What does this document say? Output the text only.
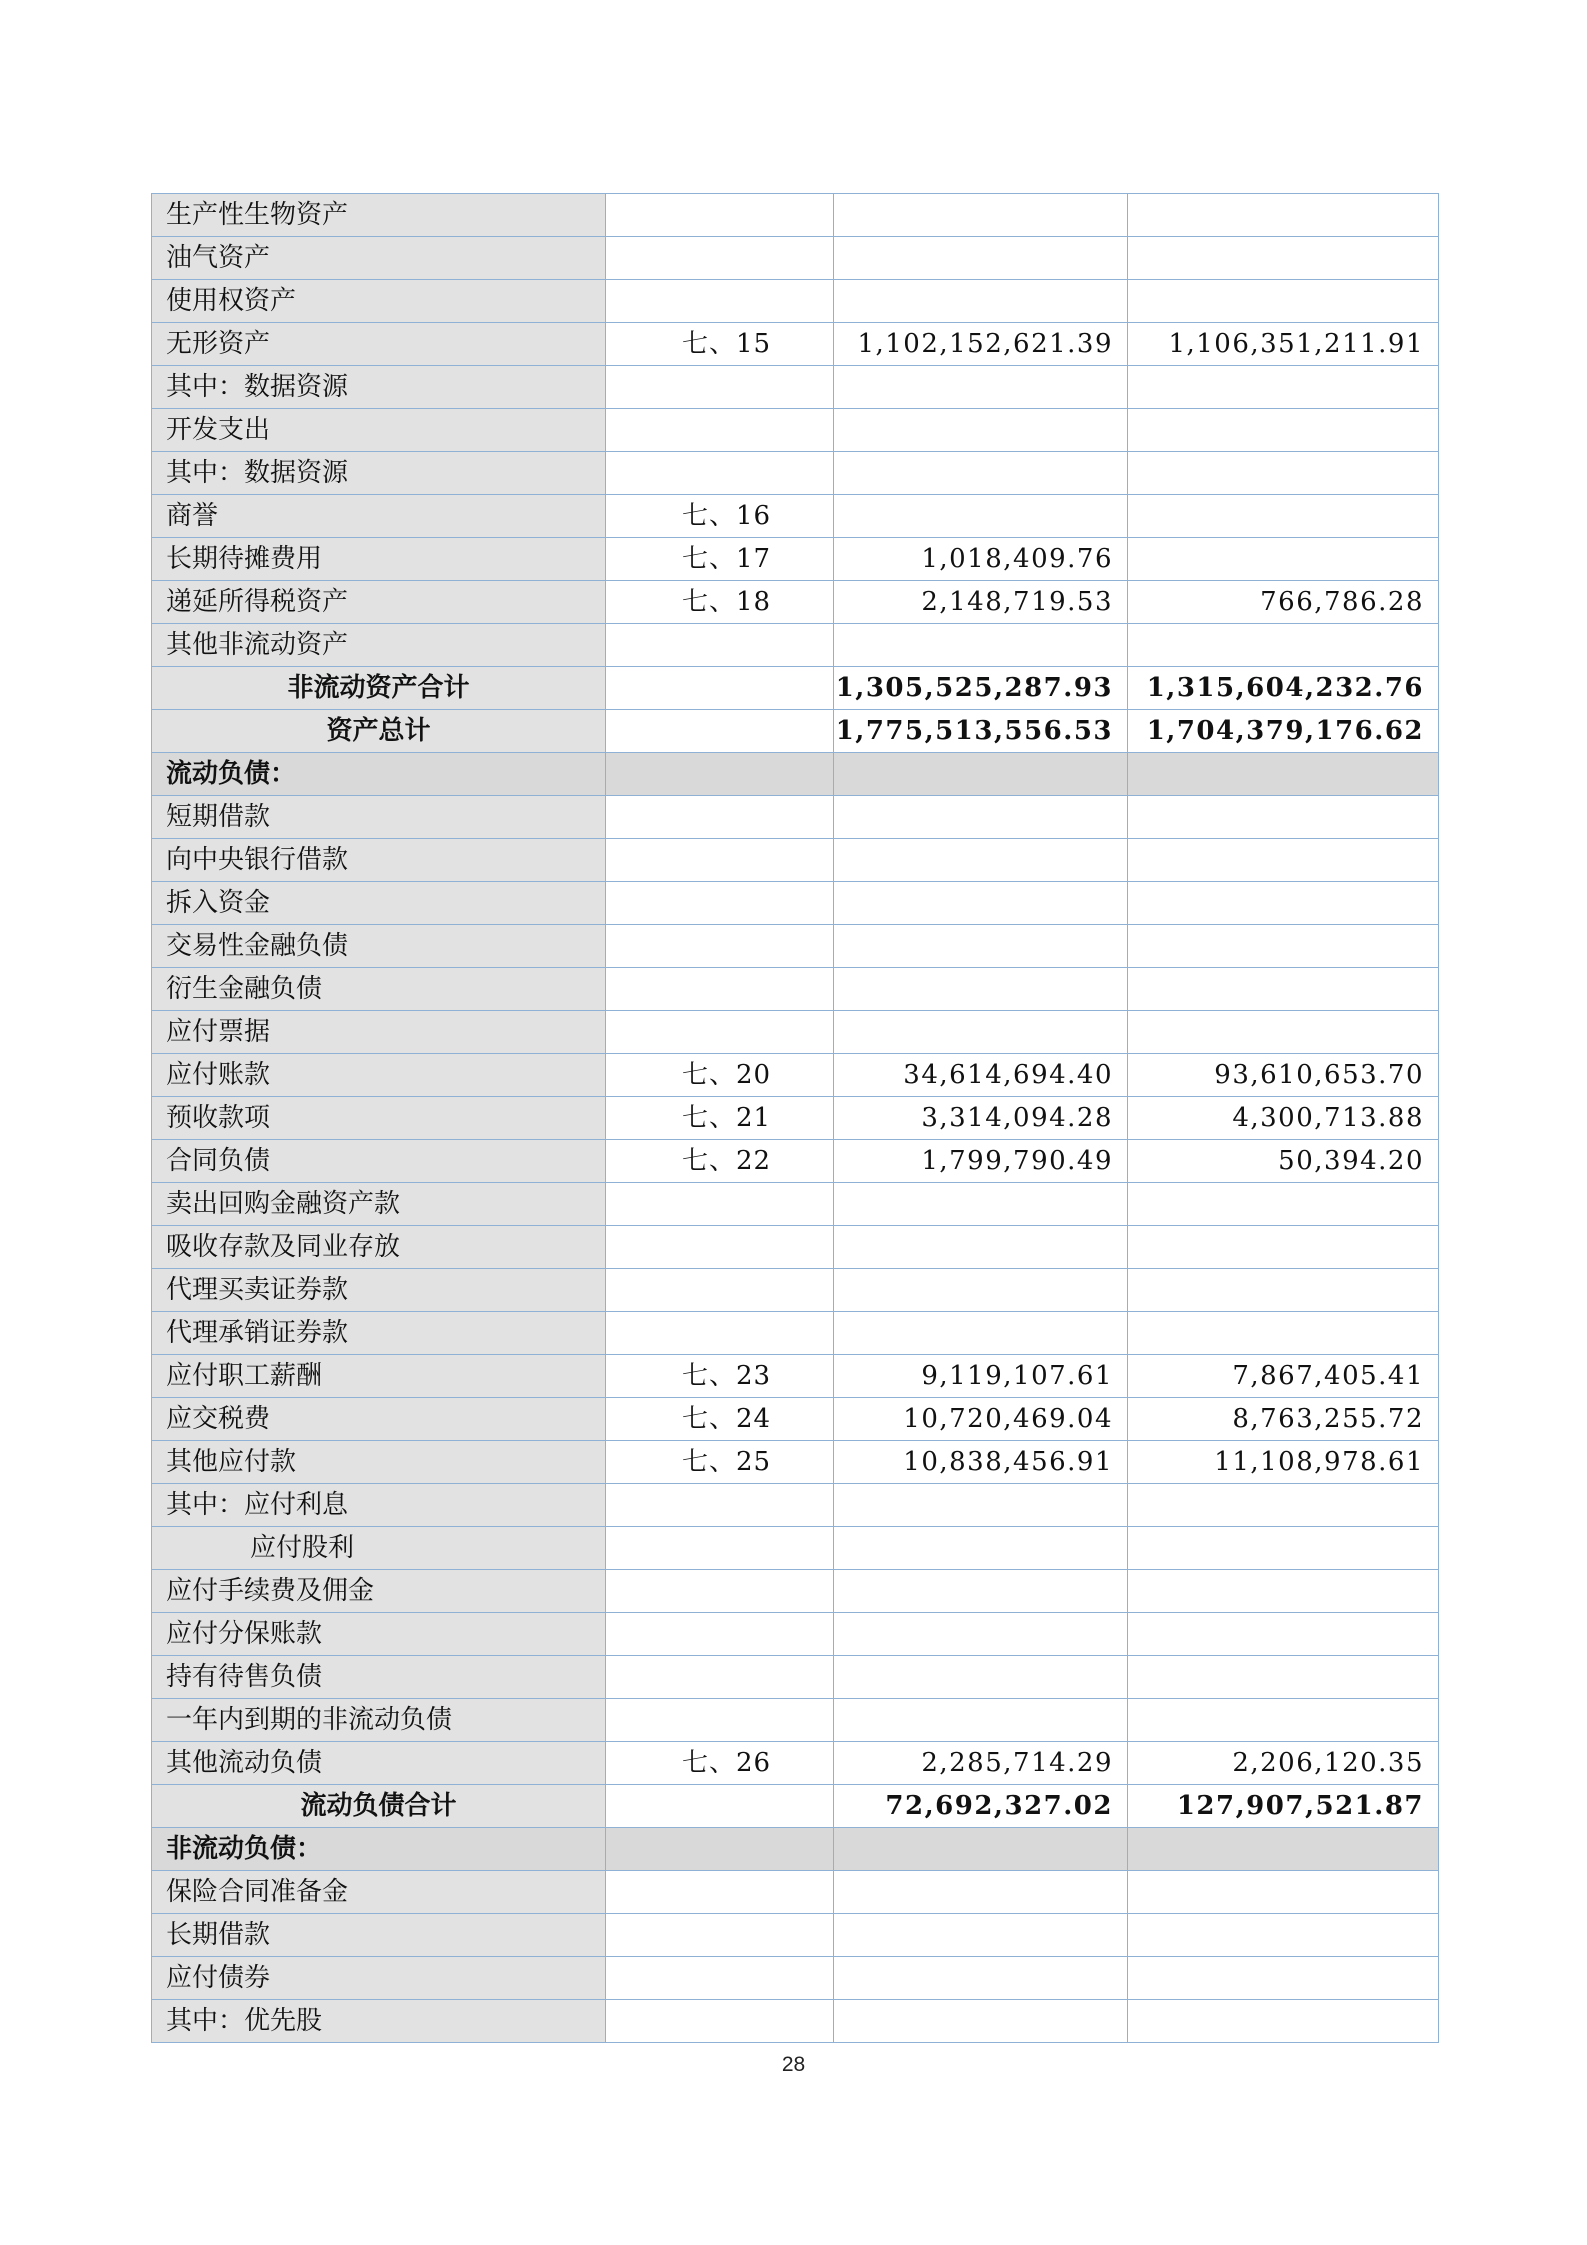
生产性生物资产			
油气资产			
使用权资产			
无形资产	七、15	1,102,152,621.39	1,106,351,211.91
其中：数据资源			
开发支出			
其中：数据资源			
商誉	七、16		
长期待摊费用	七、17	1,018,409.76	
递延所得税资产	七、18	2,148,719.53	766,786.28
其他非流动资产			
非流动资产合计		1,305,525,287.93	1,315,604,232.76
资产总计		1,775,513,556.53	1,704,379,176.62
流动负债：			
短期借款			
向中央银行借款			
拆入资金			
交易性金融负债			
衍生金融负债			
应付票据			
应付账款	七、20	34,614,694.40	93,610,653.70
预收款项	七、21	3,314,094.28	4,300,713.88
合同负债	七、22	1,799,790.49	50,394.20
卖出回购金融资产款			
吸收存款及同业存放			
代理买卖证券款			
代理承销证券款			
应付职工薪酬	七、23	9,119,107.61	7,867,405.41
应交税费	七、24	10,720,469.04	8,763,255.72
其他应付款	七、25	10,838,456.91	11,108,978.61
其中：应付利息			
应付股利			
应付手续费及佣金			
应付分保账款			
持有待售负债			
一年内到期的非流动负债			
其他流动负债	七、26	2,285,714.29	2,206,120.35
流动负债合计		72,692,327.02	127,907,521.87
非流动负债：			
保险合同准备金			
长期借款			
应付债券			
其中：优先股			
28
